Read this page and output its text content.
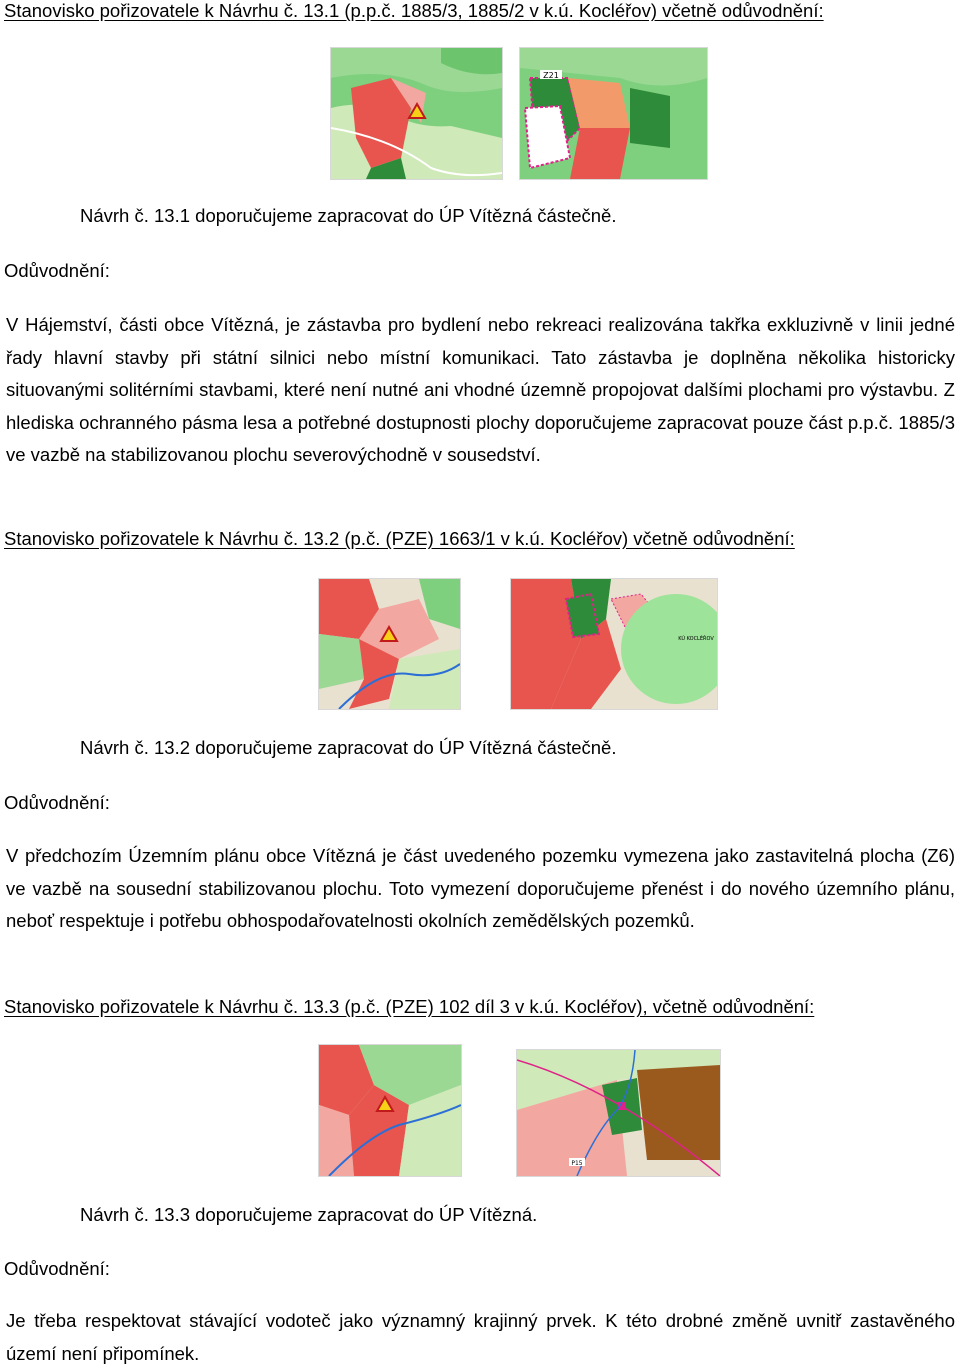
Stanovisko pořizovatele k Návrhu č. 13.1 (p.p.č. 1885/3, 1885/2 v k.ú. Kocléřov) včetně odůvodnění:
Z21
Návrh č. 13.1 doporučujeme zapracovat do ÚP Vítězná částečně.
Odůvodnění:
V Hájemství, části obce Vítězná, je zástavba pro bydlení nebo rekreaci realizována takřka exkluzivně v linii jedné řady hlavní stavby při státní silnici nebo místní komunikaci. Tato zástavba je doplněna několika historicky situovanými solitérními stavbami, které není nutné ani vhodné územně propojovat dalšími plochami pro výstavbu. Z hlediska ochranného pásma lesa a potřebné dostupnosti plochy doporučujeme zapracovat pouze část p.p.č. 1885/3 ve vazbě na stabilizovanou plochu severovýchodně v sousedství.
Stanovisko pořizovatele k Návrhu č. 13.2 (p.č. (PZE) 1663/1 v k.ú. Kocléřov) včetně odůvodnění:
KÚ KOCLÉŘOV
Návrh č. 13.2 doporučujeme zapracovat do ÚP Vítězná částečně.
Odůvodnění:
V předchozím Územním plánu obce Vítězná je část uvedeného pozemku vymezena jako zastavitelná plocha (Z6) ve vazbě na sousední stabilizovanou plochu. Toto vymezení doporučujeme přenést i do nového územního plánu, neboť respektuje i potřebu obhospodařovatelnosti okolních zemědělských pozemků.
Stanovisko pořizovatele k Návrhu č. 13.3 (p.č. (PZE) 102 díl 3 v k.ú. Kocléřov), včetně odůvodnění:
P15
Návrh č. 13.3 doporučujeme zapracovat do ÚP Vítězná.
Odůvodnění:
Je třeba respektovat stávající vodoteč jako významný krajinný prvek. K této drobné změně uvnitř zastavěného území není připomínek.
